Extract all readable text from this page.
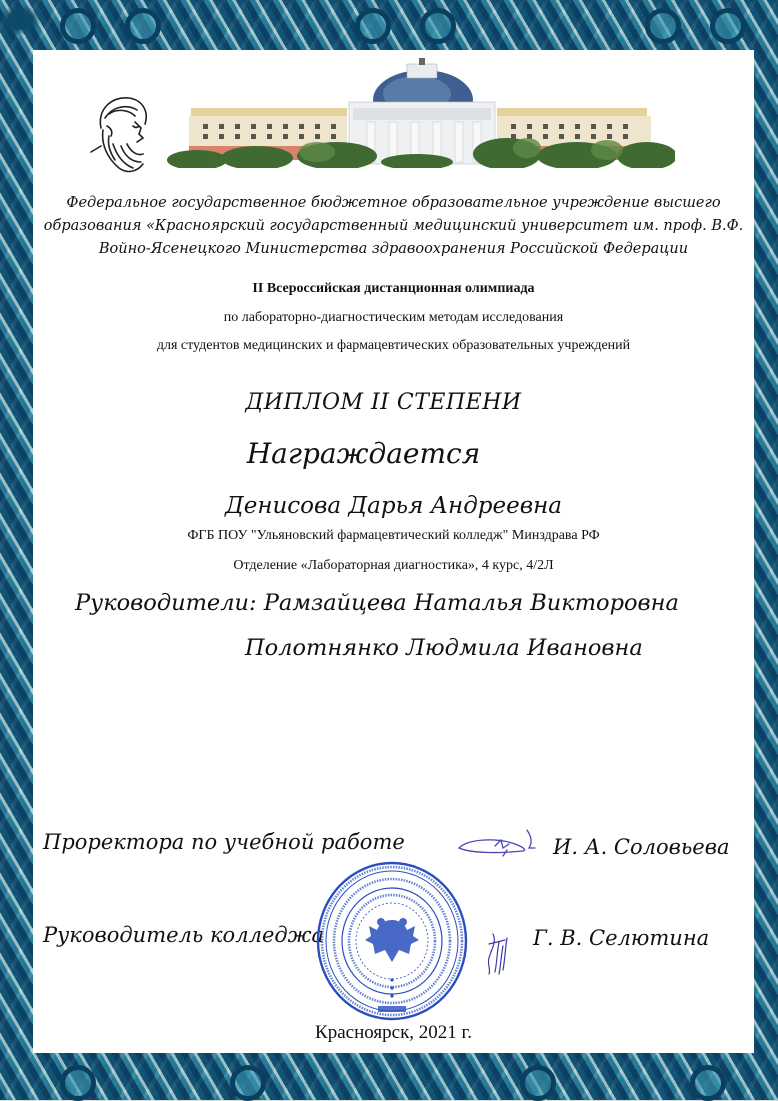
Федеральное государственное бюджетное образовательное учреждение высшего
образования «Красноярский государственный медицинский университет им. проф. В.Ф.
Войно-Ясенецкого Министерства здравоохранения Российской Федерации
II Всероссийская дистанционная олимпиада
по лабораторно-диагностическим методам исследования
для студентов медицинских и фармацевтических образовательных учреждений
ДИПЛОМ II СТЕПЕНИ
Награждается
Денисова Дарья Андреевна
ФГБ ПОУ "Ульяновский фармацевтический колледж" Минздрава РФ
Отделение «Лабораторная диагностика», 4 курс, 4/2Л
Руководители: Рамзайцева Наталья Викторовна
Полотнянко Людмила Ивановна
Проректора по учебной работе	И. А. Соловьева
Руководитель колледжа	Г. В. Селютина
Красноярск, 2021 г.
